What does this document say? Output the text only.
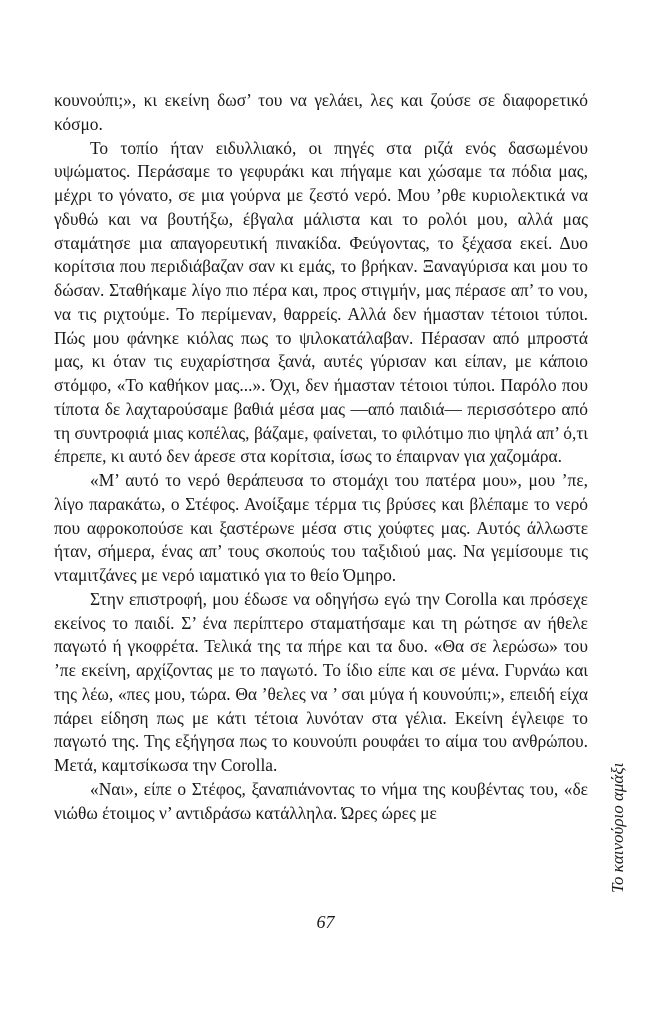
κουνούπι;», κι εκείνη δωσ’ του να γελάει, λες και ζούσε σε διαφορετικό κόσμο.

Το τοπίο ήταν ειδυλλιακό, οι πηγές στα ριζά ενός δασωμένου υψώματος. Περάσαμε το γεφυράκι και πήγαμε και χώσαμε τα πόδια μας, μέχρι το γόνατο, σε μια γούρνα με ζεστό νερό. Μου ’ρθε κυριολεκτικά να γδυθώ και να βουτήξω, έβγαλα μάλιστα και το ρολόι μου, αλλά μας σταμάτησε μια απαγορευτική πινακίδα. Φεύγοντας, το ξέχασα εκεί. Δυο κορίτσια που περιδιάβαζαν σαν κι εμάς, το βρήκαν. Ξαναγύρισα και μου το δώσαν. Σταθήκαμε λίγο πιο πέρα και, προς στιγμήν, μας πέρασε απ’ το νου, να τις ριχτούμε. Το περίμεναν, θαρρείς. Αλλά δεν ήμασταν τέτοιοι τύποι. Πώς μου φάνηκε κιόλας πως το ψιλοκατάλαβαν. Πέρασαν από μπροστά μας, κι όταν τις ευχαρίστησα ξανά, αυτές γύρισαν και είπαν, με κάποιο στόμφο, «Το καθήκον μας...». Όχι, δεν ήμασταν τέτοιοι τύποι. Παρόλο που τίποτα δε λαχταρούσαμε βαθιά μέσα μας —από παιδιά— περισσότερο από τη συντροφιά μιας κοπέλας, βάζαμε, φαίνεται, το φιλότιμο πιο ψηλά απ’ ό,τι έπρεπε, κι αυτό δεν άρεσε στα κορίτσια, ίσως το έπαιρναν για χαζομάρα.

«Μ’ αυτό το νερό θεράπευσα το στομάχι του πατέρα μου», μου ’πε, λίγο παρακάτω, ο Στέφος. Ανοίξαμε τέρμα τις βρύσες και βλέπαμε το νερό που αφροκοπούσε και ξαστέρωνε μέσα στις χούφτες μας. Αυτός άλλωστε ήταν, σήμερα, ένας απ’ τους σκοπούς του ταξιδιού μας. Να γεμίσουμε τις νταμιτζάνες με νερό ιαματικό για το θείο Όμηρο.

Στην επιστροφή, μου έδωσε να οδηγήσω εγώ την Corolla και πρόσεχε εκείνος το παιδί. Σ’ ένα περίπτερο σταματήσαμε και τη ρώτησε αν ήθελε παγωτό ή γκοφρέτα. Τελικά της τα πήρε και τα δυο. «Θα σε λερώσω» του ’πε εκείνη, αρχίζοντας με το παγωτό. Το ίδιο είπε και σε μένα. Γυρνάω και της λέω, «πες μου, τώρα. Θα ’θελες να ’ σαι μύγα ή κουνούπι;», επειδή είχα πάρει είδηση πως με κάτι τέτοια λυνόταν στα γέλια. Εκείνη έγλειφε το παγωτό της. Της εξήγησα πως το κουνούπι ρουφάει το αίμα του ανθρώπου. Μετά, καμτσίκωσα την Corolla.

«Ναι», είπε ο Στέφος, ξαναπιάνοντας το νήμα της κουβέντας του, «δε νιώθω έτοιμος ν’ αντιδράσω κατάλληλα. Ώρες ώρες με

67
Το καινούριο αμάξι
